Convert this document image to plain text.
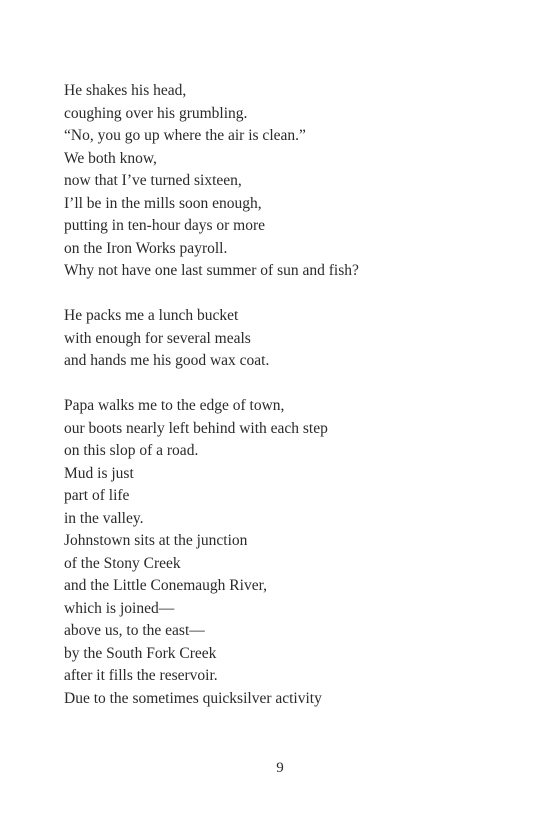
He shakes his head,
coughing over his grumbling.
“No, you go up where the air is clean.”
We both know,
now that I’ve turned sixteen,
I’ll be in the mills soon enough,
putting in ten-hour days or more
on the Iron Works payroll.
Why not have one last summer of sun and fish?
He packs me a lunch bucket
with enough for several meals
and hands me his good wax coat.
Papa walks me to the edge of town,
our boots nearly left behind with each step
on this slop of a road.
Mud is just
part of life
in the valley.
Johnstown sits at the junction
of the Stony Creek
and the Little Conemaugh River,
which is joined—
above us, to the east—
by the South Fork Creek
after it fills the reservoir.
Due to the sometimes quicksilver activity
9
